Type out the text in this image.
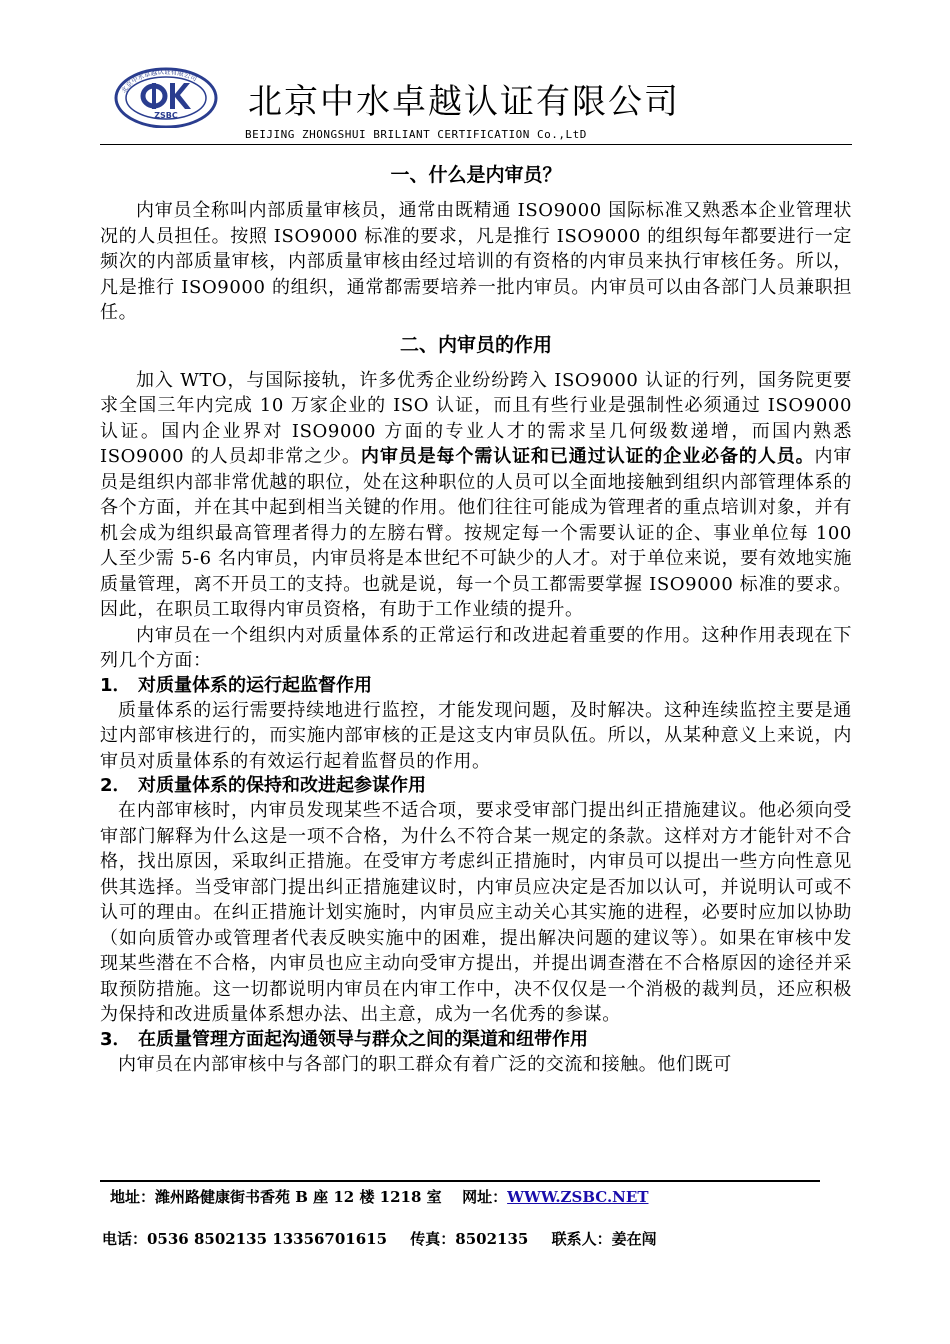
北京中水卓越认证有限公司
ZSBC 北京中水卓越认证有限公司
BEIJING ZHONGSHUI BRILIANT CERTIFICATION Co.,LtD
一、什么是内审员？

内审员全称叫内部质量审核员，通常由既精通 ISO9000 国际标准又熟悉本企业管理状况的人员担任。按照 ISO9000 标准的要求，凡是推行 ISO9000 的组织每年都要进行一定频次的内部质量审核，内部质量审核由经过培训的有资格的内审员来执行审核任务。所以，凡是推行 ISO9000 的组织，通常都需要培养一批内审员。内审员可以由各部门人员兼职担任。

二、内审员的作用

加入 WTO，与国际接轨，许多优秀企业纷纷跨入 ISO9000 认证的行列，国务院更要求全国三年内完成 10 万家企业的 ISO 认证，而且有些行业是强制性必须通过 ISO9000 认证。国内企业界对 ISO9000 方面的专业人才的需求呈几何级数递增，而国内熟悉 ISO9000 的人员却非常之少。内审员是每个需认证和已通过认证的企业必备的人员。内审员是组织内部非常优越的职位，处在这种职位的人员可以全面地接触到组织内部管理体系的各个方面，并在其中起到相当关键的作用。他们往往可能成为管理者的重点培训对象，并有机会成为组织最高管理者得力的左膀右臂。按规定每一个需要认证的企、事业单位每 100 人至少需 5-6 名内审员，内审员将是本世纪不可缺少的人才。对于单位来说，要有效地实施质量管理，离不开员工的支持。也就是说，每一个员工都需要掌握 ISO9000 标准的要求。因此，在职员工取得内审员资格，有助于工作业绩的提升。

内审员在一个组织内对质量体系的正常运行和改进起着重要的作用。这种作用表现在下列几个方面：

1． 对质量体系的运行起监督作用

质量体系的运行需要持续地进行监控，才能发现问题，及时解决。这种连续监控主要是通过内部审核进行的，而实施内部审核的正是这支内审员队伍。所以，从某种意义上来说，内审员对质量体系的有效运行起着监督员的作用。

2． 对质量体系的保持和改进起参谋作用

在内部审核时，内审员发现某些不适合项，要求受审部门提出纠正措施建议。他必须向受审部门解释为什么这是一项不合格，为什么不符合某一规定的条款。这样对方才能针对不合格，找出原因，采取纠正措施。在受审方考虑纠正措施时，内审员可以提出一些方向性意见供其选择。当受审部门提出纠正措施建议时，内审员应决定是否加以认可，并说明认可或不认可的理由。在纠正措施计划实施时，内审员应主动关心其实施的进程，必要时应加以协助（如向质管办或管理者代表反映实施中的困难，提出解决问题的建议等）。如果在审核中发现某些潜在不合格，内审员也应主动向受审方提出，并提出调查潜在不合格原因的途径并采取预防措施。这一切都说明内审员在内审工作中，决不仅仅是一个消极的裁判员，还应积极为保持和改进质量体系想办法、出主意，成为一名优秀的参谋。

3． 在质量管理方面起沟通领导与群众之间的渠道和纽带作用

内审员在内部审核中与各部门的职工群众有着广泛的交流和接触。他们既可

地址：潍州路健康街书香苑 B 座 12 楼 1218 室 网址：WWW.ZSBC.NET
电话：0536 8502135 13356701615 传真：8502135 联系人：姜在闯
